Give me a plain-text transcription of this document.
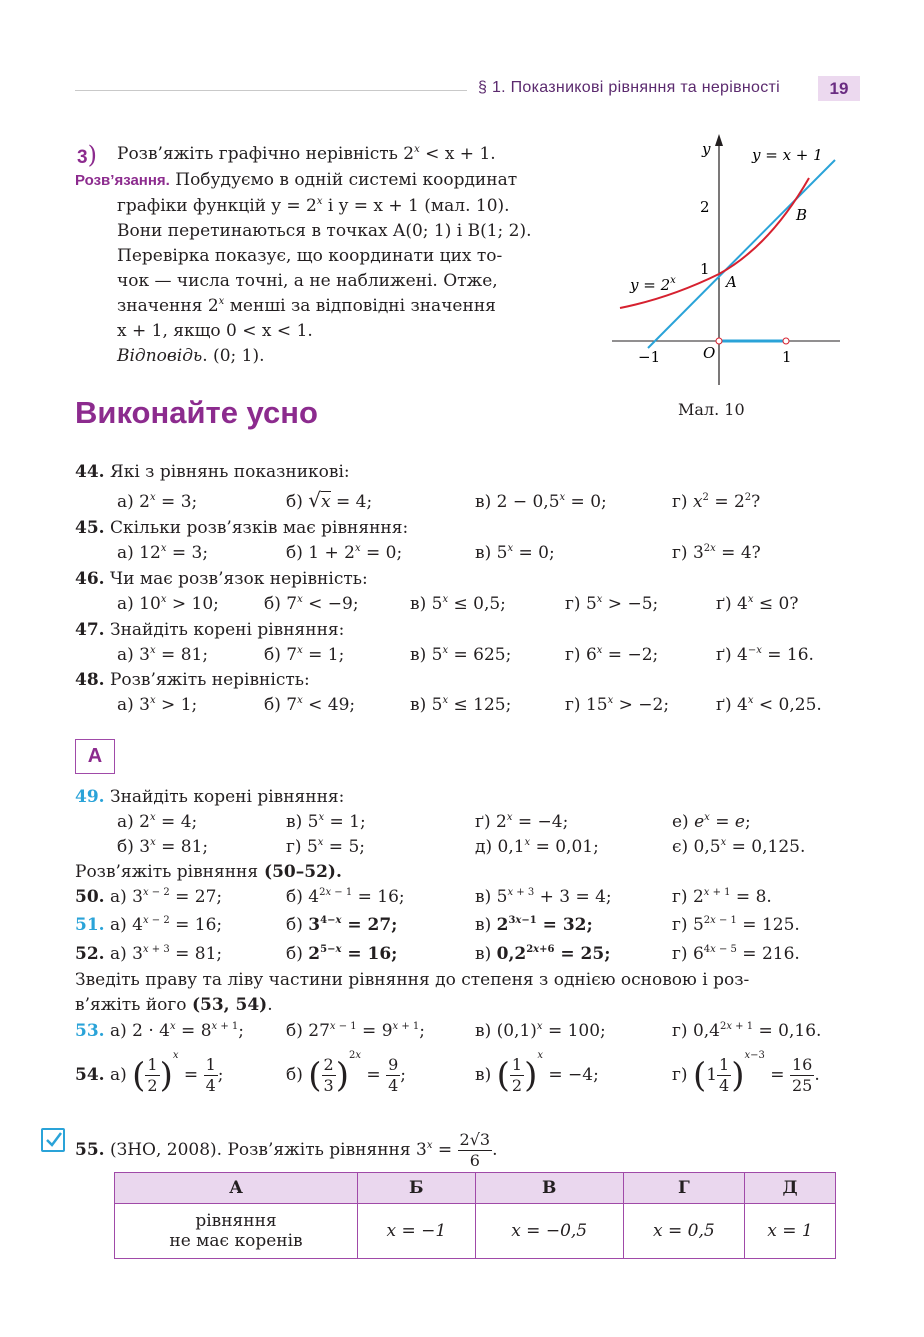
§ 1. Показникові рівняння та нерівності	19
3) Розв’яжіть графічно нерівність $2^x < x + 1$.
Розв’язання. Побудуємо в одній системі координат
графіки функцій $y = 2^x$ і y = x + 1 (мал. 10).
Вони перетинаються в точках A(0; 1) і B(1; 2).
Перевірка показує, що координати цих то-
чок — числа точні, а не наближені. Отже,
значення 2$^x$ менші за відповідні значення
x + 1, якщо 0 < x < 1.
Відповідь. (0; 1).
y	y = x + 1
2	B
1
A
$y = 2^x$
−1	O	1
Мал. 10
Виконайте усно
44. Які з рівнянь показникові:
а) $2^x = 3$;	б) √x = 4;	в) $2 - 0,5^x = 0$;	г) $x^2 = 2^2$?
45. Скільки розв’язків має рівняння:
а) $12^x = 3$;	б) $1 + 2^x = 0$;	в) $5^x = 0$;	г) $3^{2x} = 4$?
46. Чи має розв’язок нерівність:
а) $10^x > 10$;	б) $7^x < -9$;	в) $5^x \le 0,5$;	г) $5^x > -5$;	ґ) $4^x \le 0$?
47. Знайдіть корені рівняння:
а) $3^x = 81$;	б) $7^x = 1$;	в) $5^x = 625$;	г) $6^x = -2$;	ґ) $4^{-x} = 16$.
48. Розв’яжіть нерівність:
а) $3^x > 1$;	б) $7^x < 49$;	в) $5^x \le 125$;	г) $15^x > -2$;	ґ) $4^x < 0,25$.
А
49. Знайдіть корені рівняння:
а) $2^x = 4$;	в) $5^x = 1$;	ґ) $2^x = -4$;	е) $e^x = e$;
б) $3^x = 81$;	г) $5^x = 5$;	д) $0,1^x = 0,01$;	є) $0,5^x = 0,125$.
Розв’яжіть рівняння (50–52).
50. а) $3^{x - 2} = 27$;	б) $4^{2x - 1} = 16$;	в) $5^{x + 3} + 3 = 4$;	г) $2^{x + 1} = 8$.
51. а) $4^{x - 2} = 16$;	б) $3^{4-x} = 27$;	в) $2^{3x-1} = 32$;	г) $5^{2x - 1} = 125$.
52. а) $3^{x + 3} = 81$;	б) $2^{5-x} = 16$;	в) $0,2^{2x+6} = 25$;	г) $6^{4x - 5} = 216$.
Зведіть праву та ліву частини рівняння до степеня з однією основою і роз-
в’яжіть його (53, 54).
53. а) $2 \cdot 4^x = 8^{x + 1}$; б) $27^{x - 1} = 9^{x + 1}$;	в) $(0,1)^x = 100$;	г) $0,4^{2x + 1} = 0,16$.
54. а) ( $\frac{1}{2} )^x = \frac{1}{4}$ ;	б) ( $\frac{2}{3} )^{2x} = \frac{9}{4}$ ;	в) ( $\frac{1}{2} )^x = -4$;	г) $(1 \frac{1}{4} )^{x-3} = \frac{16}{25}$ .
55. (ЗНО, 2008). Розв’яжіть рівняння $3^x = \frac{2√3}{6}$ .
А	Б	В	Г	Д
рівняння
не має коренів	x = −1	x = −0,5	x = 0,5	x = 1
